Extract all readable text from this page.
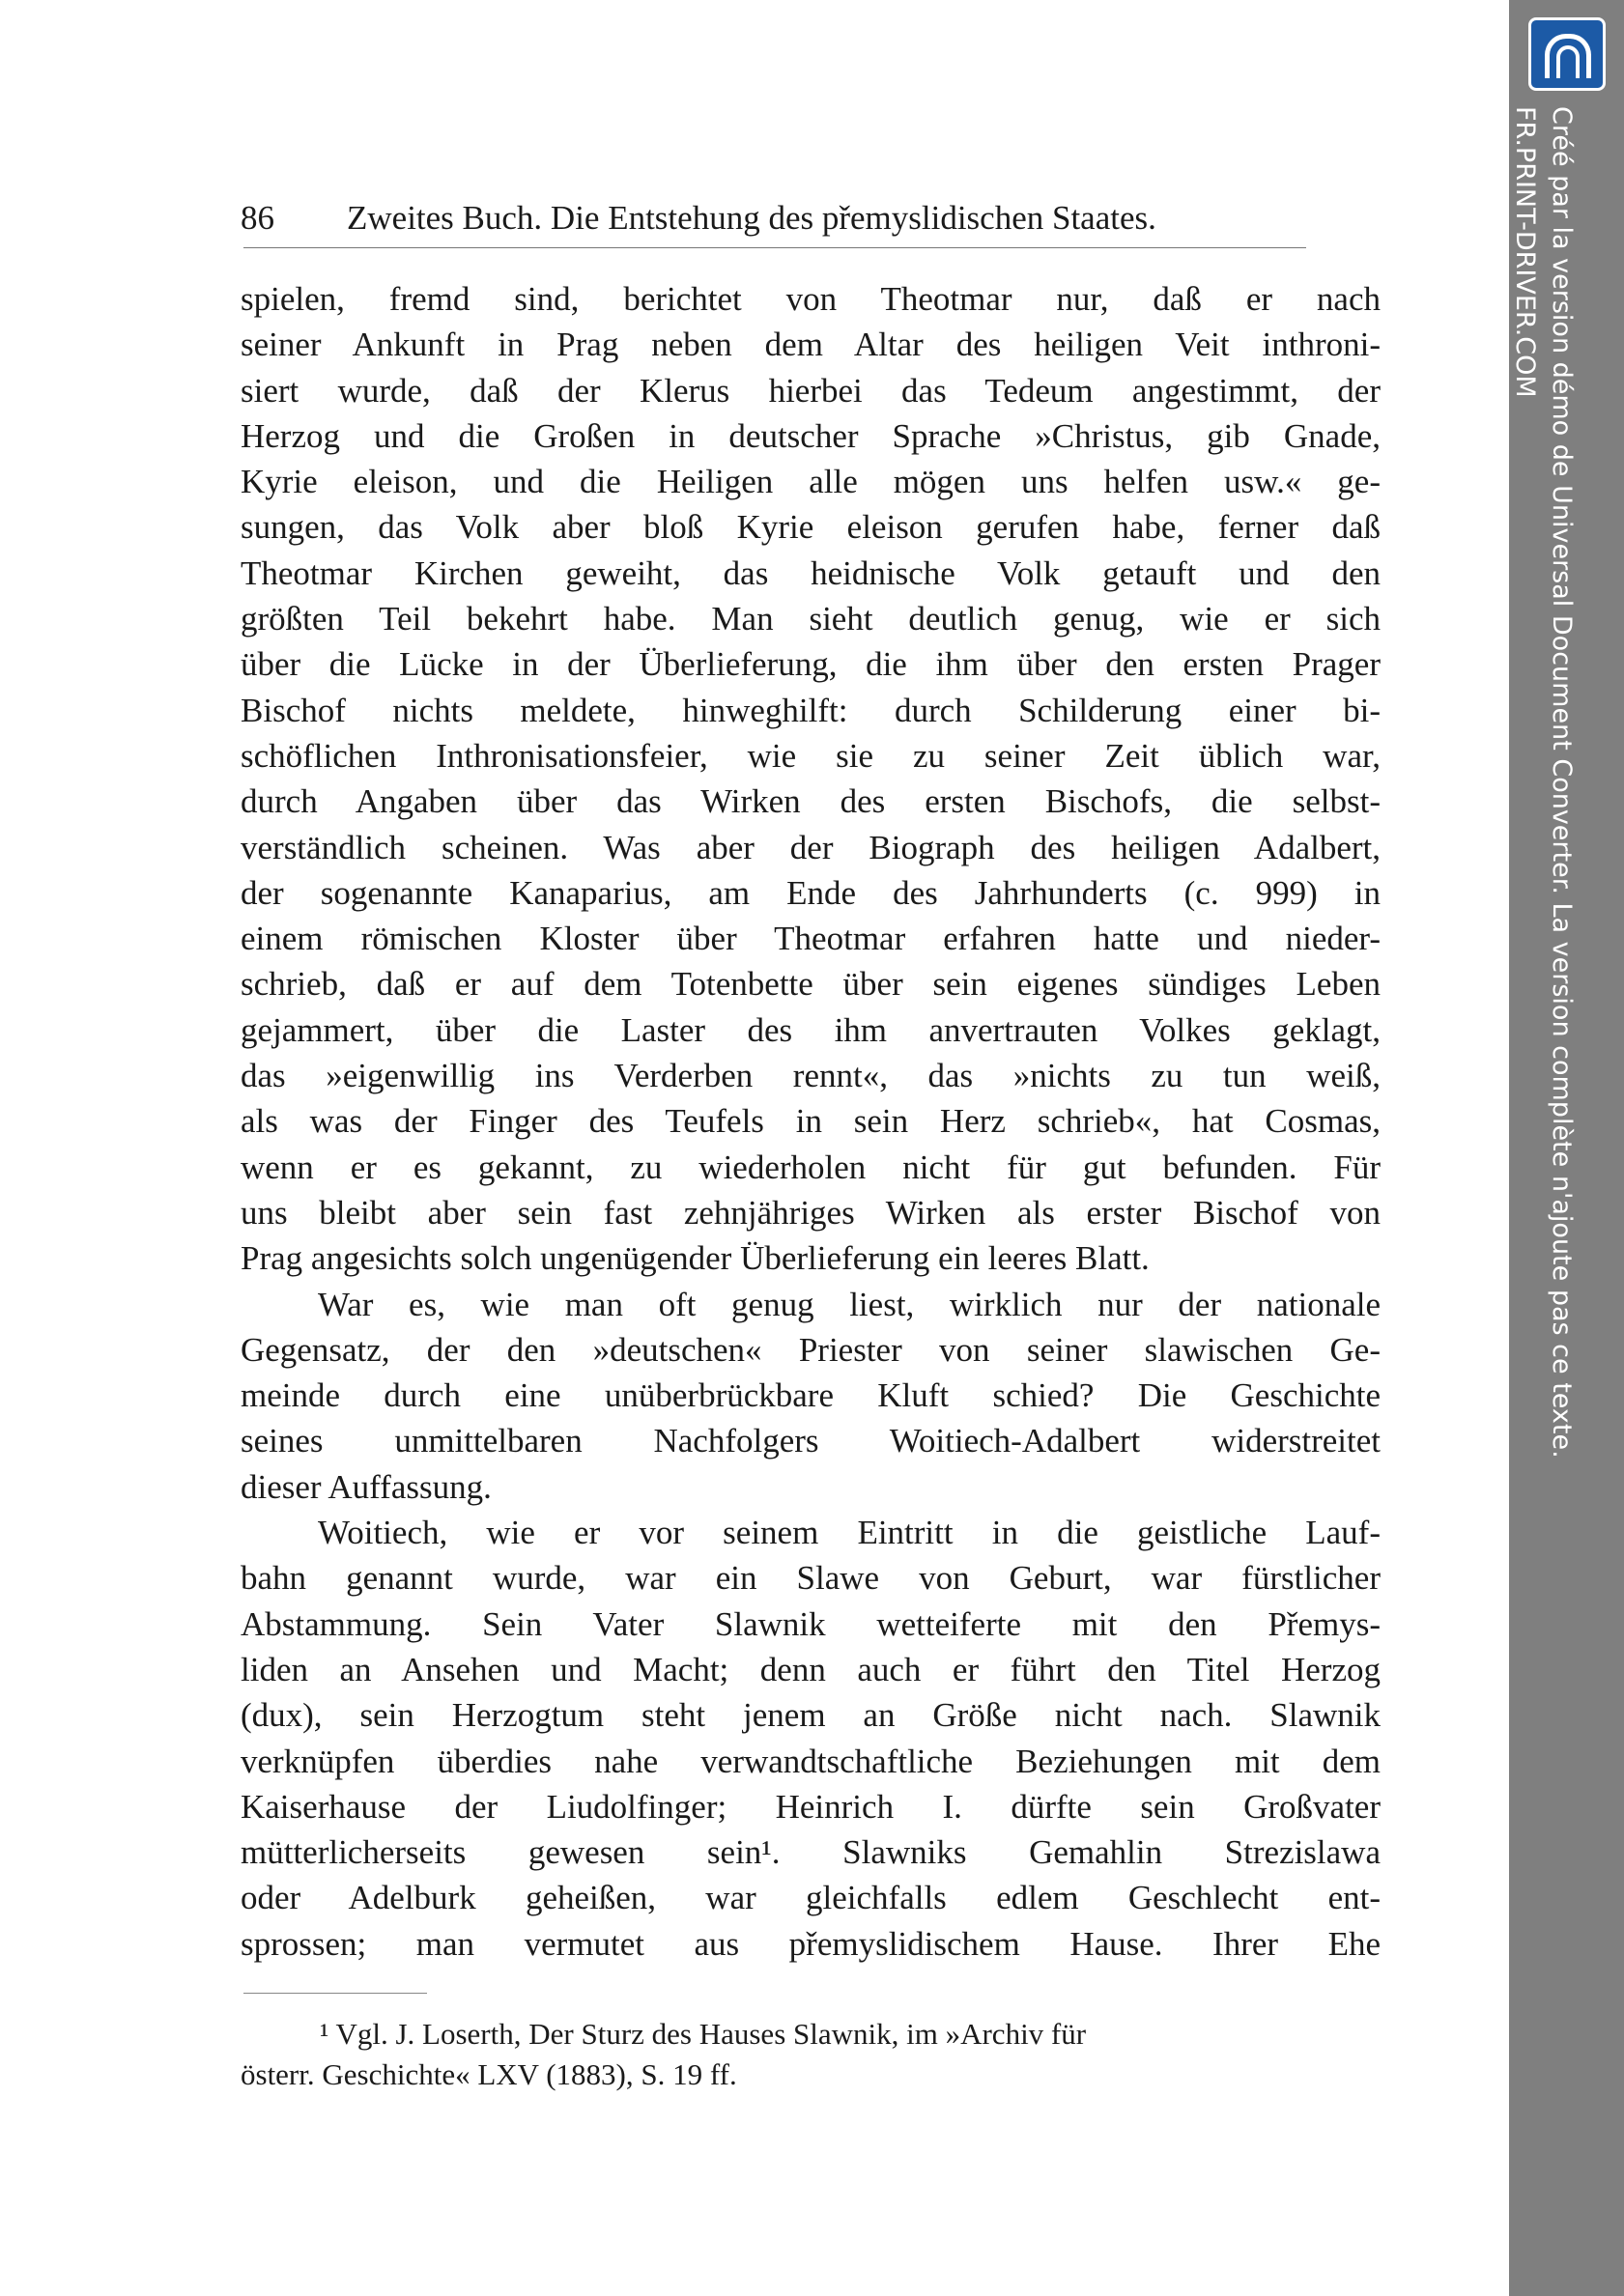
86 Zweites Buch. Die Entstehung des přemyslidischen Staates.
spielen, fremd sind, berichtet von Theotmar nur, daß er nach
seiner Ankunft in Prag neben dem Altar des heiligen Veit inthroni-
siert wurde, daß der Klerus hierbei das Tedeum angestimmt, der
Herzog und die Großen in deutscher Sprache »Christus, gib Gnade,
Kyrie eleison, und die Heiligen alle mögen uns helfen usw.« ge-
sungen, das Volk aber bloß Kyrie eleison gerufen habe, ferner daß
Theotmar Kirchen geweiht, das heidnische Volk getauft und den
größten Teil bekehrt habe. Man sieht deutlich genug, wie er sich
über die Lücke in der Überlieferung, die ihm über den ersten Prager
Bischof nichts meldete, hinweghilft: durch Schilderung einer bi-
schöflichen Inthronisationsfeier, wie sie zu seiner Zeit üblich war,
durch Angaben über das Wirken des ersten Bischofs, die selbst-
verständlich scheinen. Was aber der Biograph des heiligen Adalbert,
der sogenannte Kanaparius, am Ende des Jahrhunderts (c. 999) in
einem römischen Kloster über Theotmar erfahren hatte und nieder-
schrieb, daß er auf dem Totenbette über sein eigenes sündiges Leben
gejammert, über die Laster des ihm anvertrauten Volkes geklagt,
das »eigenwillig ins Verderben rennt«, das »nichts zu tun weiß,
als was der Finger des Teufels in sein Herz schrieb«, hat Cosmas,
wenn er es gekannt, zu wiederholen nicht für gut befunden. Für
uns bleibt aber sein fast zehnjähriges Wirken als erster Bischof von
Prag angesichts solch ungenügender Überlieferung ein leeres Blatt.
War es, wie man oft genug liest, wirklich nur der nationale
Gegensatz, der den »deutschen« Priester von seiner slawischen Ge-
meinde durch eine unüberbrückbare Kluft schied? Die Geschichte
seines unmittelbaren Nachfolgers Woitiech-Adalbert widerstreitet
dieser Auffassung.
Woitiech, wie er vor seinem Eintritt in die geistliche Lauf-
bahn genannt wurde, war ein Slawe von Geburt, war fürstlicher
Abstammung. Sein Vater Slawnik wetteiferte mit den Přemys-
liden an Ansehen und Macht; denn auch er führt den Titel Herzog
(dux), sein Herzogtum steht jenem an Größe nicht nach. Slawnik
verknüpfen überdies nahe verwandtschaftliche Beziehungen mit dem
Kaiserhause der Liudolfinger; Heinrich I. dürfte sein Großvater
mütterlicherseits gewesen sein¹. Slawniks Gemahlin Strezislawa
oder Adelburk geheißen, war gleichfalls edlem Geschlecht ent-
sprossen; man vermutet aus přemyslidischem Hause. Ihrer Ehe
¹ Vgl. J. Loserth, Der Sturz des Hauses Slawnik, im »Archiv für
österr. Geschichte« LXV (1883), S. 19 ff.
Créé par la version démo de Universal Document Converter. La version complète n'ajoute pas ce texte.
FR.PRINT-DRIVER.COM
